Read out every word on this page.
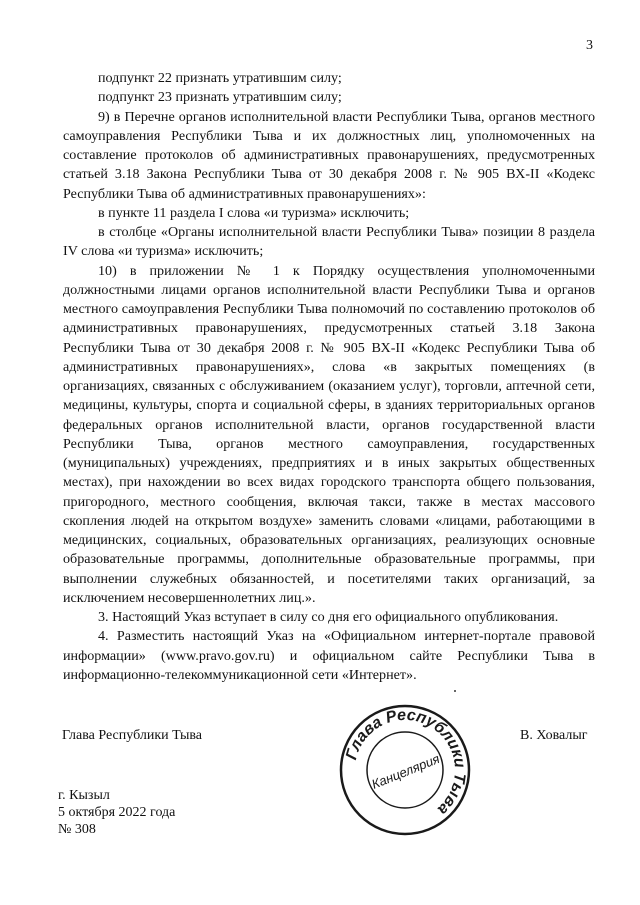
3

подпункт 22 признать утратившим силу;

подпункт 23 признать утратившим силу;

9) в Перечне органов исполнительной власти Республики Тыва, органов местного самоуправления Республики Тыва и их должностных лиц, уполномоченных на составление протоколов об административных правонарушениях, предусмотренных статьей 3.18 Закона Республики Тыва от 30 декабря 2008 г. № 905 ВХ-II «Кодекс Республики Тыва об административных правонарушениях»:

в пункте 11 раздела I слова «и туризма» исключить;

в столбце «Органы исполнительной власти Республики Тыва» позиции 8 раздела IV слова «и туризма» исключить;

10) в приложении № 1 к Порядку осуществления уполномоченными должностными лицами органов исполнительной власти Республики Тыва и органов местного самоуправления Республики Тыва полномочий по составлению протоколов об административных правонарушениях, предусмотренных статьей 3.18 Закона Республики Тыва от 30 декабря 2008 г. № 905 ВХ-II «Кодекс Республики Тыва об административных правонарушениях», слова «в закрытых помещениях (в организациях, связанных с обслуживанием (оказанием услуг), торговли, аптечной сети, медицины, культуры, спорта и социальной сферы, в зданиях территориальных органов федеральных органов исполнительной власти, органов государственной власти Республики Тыва, органов местного самоуправления, государственных (муниципальных) учреждениях, предприятиях и в иных закрытых общественных местах), при нахождении во всех видах городского транспорта общего пользования, пригородного, местного сообщения, включая такси, также в местах массового скопления людей на открытом воздухе» заменить словами «лицами, работающими в медицинских, социальных, образовательных организациях, реализующих основные образовательные программы, дополнительные образовательные программы, при выполнении служебных обязанностей, и посетителями таких организаций, за исключением несовершеннолетних лиц.».

3. Настоящий Указ вступает в силу со дня его официального опубликования.

4. Разместить настоящий Указ на «Официальном интернет-портале правовой информации» (www.pravo.gov.ru) и официальном сайте Республики Тыва в информационно-телекоммуникационной сети «Интернет».

Глава Республики Тыва	В. Ховалыг
Глава Республики Тыва
Канцелярия
г. Кызыл
5 октября 2022 года
№ 308
